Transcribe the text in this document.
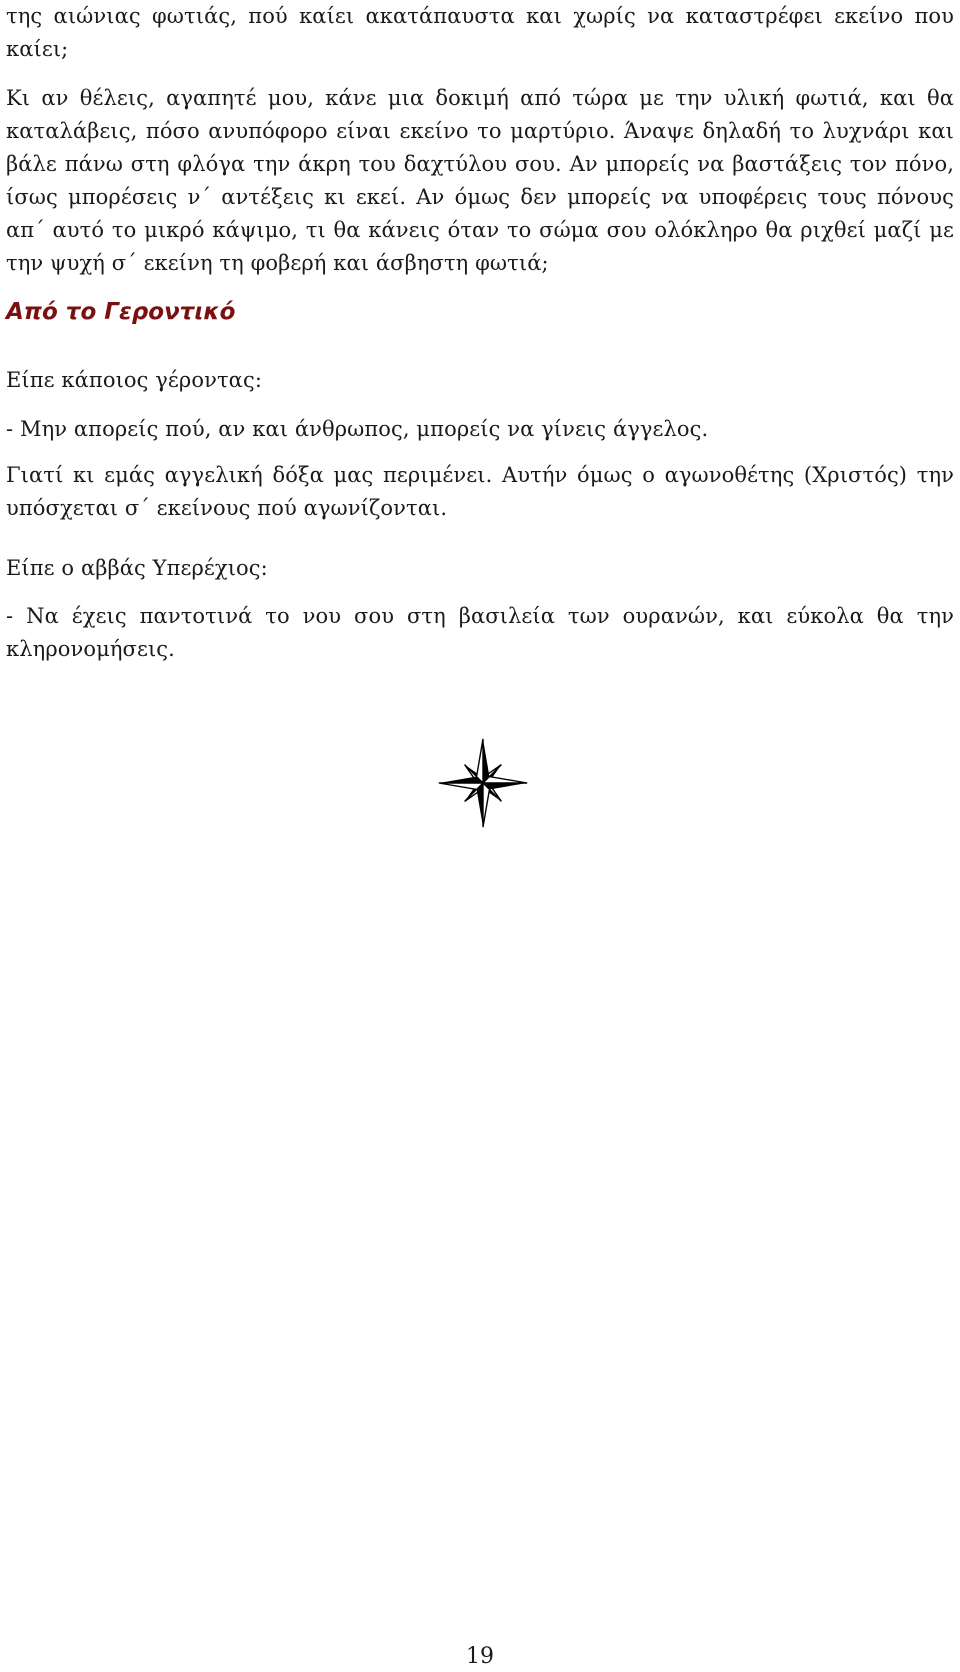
της αιώνιας φωτιάς, πού καίει ακατάπαυστα και χωρίς να καταστρέφει εκείνο που καίει;

Κι αν θέλεις, αγαπητέ μου, κάνε μια δοκιμή από τώρα με την υλική φωτιά, και θα καταλάβεις, πόσο ανυπόφορο είναι εκείνο το μαρτύριο. Άναψε δηλαδή το λυχνάρι και βάλε πάνω στη φλόγα την άκρη του δαχτύλου σου. Αν μπορείς να βαστάξεις τον πόνο, ίσως μπορέσεις ν΄ αντέξεις κι εκεί. Αν όμως δεν μπορείς να υποφέρεις τους πόνους απ΄ αυτό το μικρό κάψιμο, τι θα κάνεις όταν το σώμα σου ολόκληρο θα ριχθεί μαζί με την ψυχή σ΄ εκείνη τη φοβερή και άσβηστη φωτιά;

Από το Γεροντικό

Είπε κάποιος γέροντας:

- Μην απορείς πού, αν και άνθρωπος, μπορείς να γίνεις άγγελος.

Γιατί κι εμάς αγγελική δόξα μας περιμένει. Αυτήν όμως ο αγωνοθέτης (Χριστός) την υπόσχεται σ΄ εκείνους πού αγωνίζονται.

Είπε ο αββάς Υπερέχιος:

- Να έχεις παντοτινά το νου σου στη βασιλεία των ουρανών, και εύκολα θα την κληρονομήσεις.

19
